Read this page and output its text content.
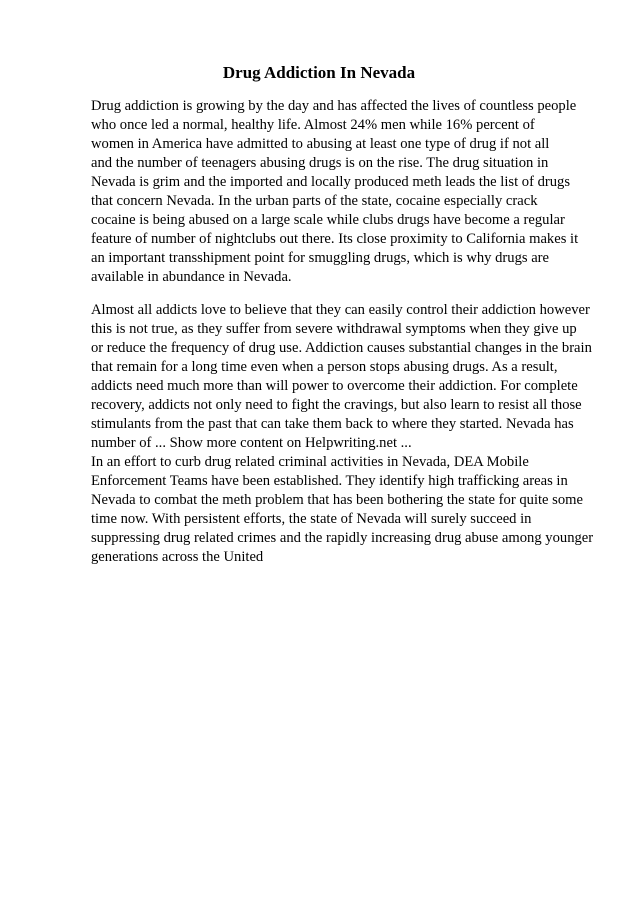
Drug Addiction In Nevada

Drug addiction is growing by the day and has affected the lives of countless people

who once led a normal, healthy life. Almost 24% men while 16% percent of

women in America have admitted to abusing at least one type of drug if not all

and the number of teenagers abusing drugs is on the rise. The drug situation in

Nevada is grim and the imported and locally produced meth leads the list of drugs

that concern Nevada. In the urban parts of the state, cocaine especially crack

cocaine is being abused on a large scale while clubs drugs have become a regular

feature of number of nightclubs out there. Its close proximity to California makes it

an important transshipment point for smuggling drugs, which is why drugs are

available in abundance in Nevada.

Almost all addicts love to believe that they can easily control their addiction however

this is not true, as they suffer from severe withdrawal symptoms when they give up

or reduce the frequency of drug use. Addiction causes substantial changes in the brain

that remain for a long time even when a person stops abusing drugs. As a result,

addicts need much more than will power to overcome their addiction. For complete

recovery, addicts not only need to fight the cravings, but also learn to resist all those

stimulants from the past that can take them back to where they started. Nevada has

number of ... Show more content on Helpwriting.net ...

In an effort to curb drug related criminal activities in Nevada, DEA Mobile

Enforcement Teams have been established. They identify high trafficking areas in

Nevada to combat the meth problem that has been bothering the state for quite some

time now. With persistent efforts, the state of Nevada will surely succeed in

suppressing drug related crimes and the rapidly increasing drug abuse among younger

generations across the United
